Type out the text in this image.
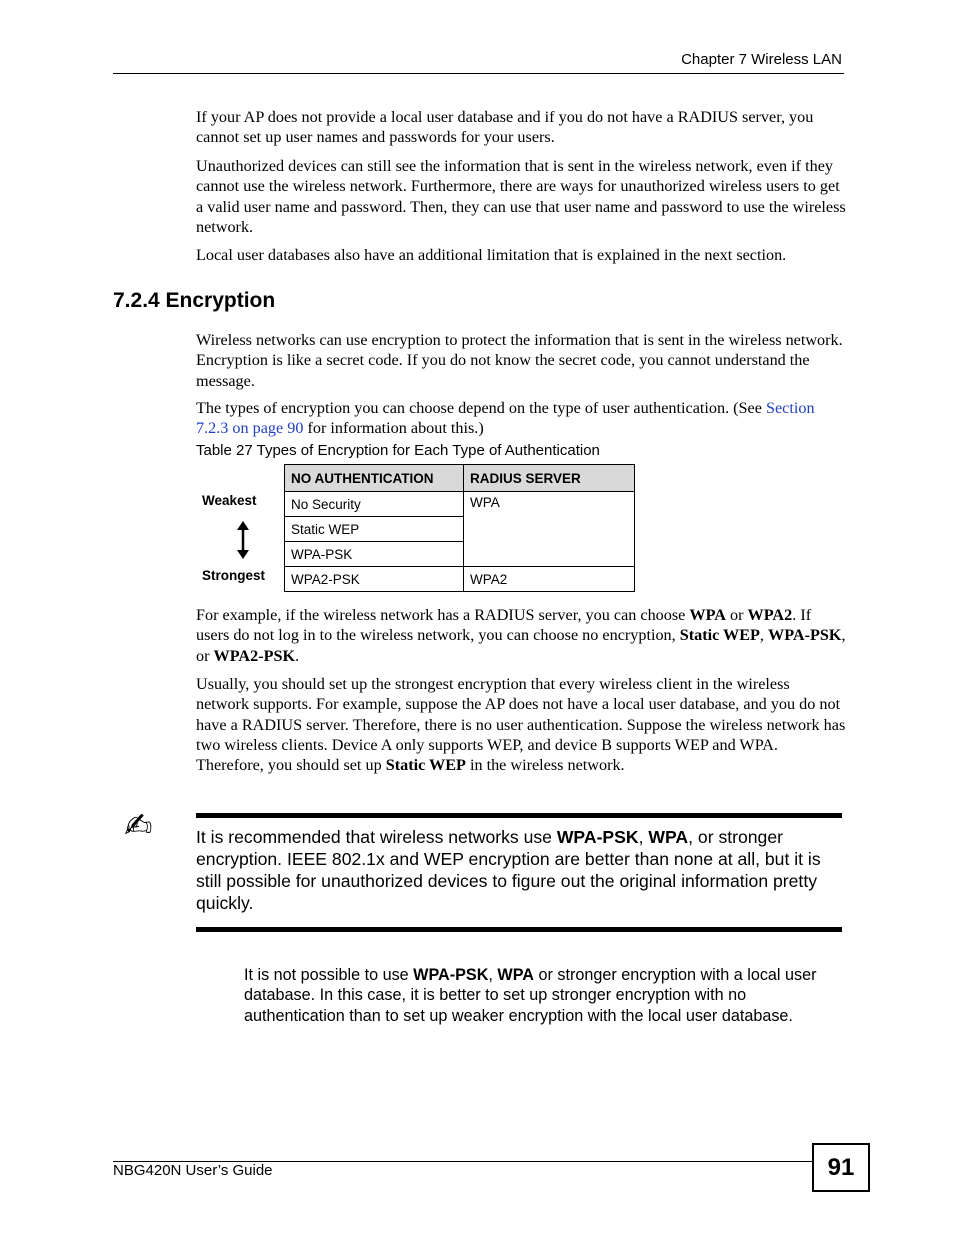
Chapter 7 Wireless LAN

If your AP does not provide a local user database and if you do not have a RADIUS server, you cannot set up user names and passwords for your users.

Unauthorized devices can still see the information that is sent in the wireless network, even if they cannot use the wireless network. Furthermore, there are ways for unauthorized wireless users to get a valid user name and password. Then, they can use that user name and password to use the wireless network.

Local user databases also have an additional limitation that is explained in the next section.

7.2.4 Encryption

Wireless networks can use encryption to protect the information that is sent in the wireless network. Encryption is like a secret code. If you do not know the secret code, you cannot understand the message.

The types of encryption you can choose depend on the type of user authentication. (See Section 7.2.3 on page 90 for information about this.)

Table 27 Types of Encryption for Each Type of Authentication

Weakest
Strongest
NO AUTHENTICATION	RADIUS SERVER
No Security	WPA
Static WEP	
WPA-PSK	
WPA2-PSK	WPA2

For example, if the wireless network has a RADIUS server, you can choose WPA or WPA2. If users do not log in to the wireless network, you can choose no encryption, Static WEP, WPA-PSK, or WPA2-PSK.

Usually, you should set up the strongest encryption that every wireless client in the wireless network supports. For example, suppose the AP does not have a local user database, and you do not have a RADIUS server. Therefore, there is no user authentication. Suppose the wireless network has two wireless clients. Device A only supports WEP, and device B supports WEP and WPA. Therefore, you should set up Static WEP in the wireless network.

✍ It is recommended that wireless networks use WPA-PSK, WPA, or stronger encryption. IEEE 802.1x and WEP encryption are better than none at all, but it is still possible for unauthorized devices to figure out the original information pretty quickly.

It is not possible to use WPA-PSK, WPA or stronger encryption with a local user database. In this case, it is better to set up stronger encryption with no authentication than to set up weaker encryption with the local user database.

NBG420N User’s Guide	91
